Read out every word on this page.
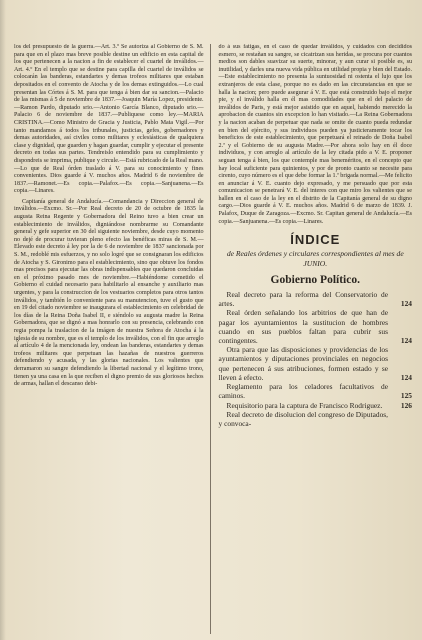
los del presupuesto de la guerra.—Art. 3.º Se autoriza al Gobierno de S. M. para que en el plazo mas breve posible destine un edificio en esta capital de los que pertenecen a la nacion a fin de establecer el cuartel de inválidos.—Art. 4.º En el templo que se destine para capilla del cuartel de inválidos se colocarán las banderas, estandartes y demas trofeos militares que estaban depositados en el convento de Atocha y de los demas extinguidos.—Lo cual presentan las Córtes á S. M. para que tenga á bien dar su sancion.—Palacio de las mismas á 5 de noviembre de 1837.—Joaquin María Lopez, presidente.—Ramon Pardo, diputado srio.—Antonio García Blanco, diputado srio.—Palacio 6 de noviembre de 1837.—Publiquese como ley.—MARIA CRISTINA.—Como Ministro de Gracia y Justicia, Pablo Mata Vigil.—Por tanto mandamos á todos los tribunales, justicias, gefes, gobernadores y demas autoridades, así civiles como militares y eclesiásticas de qualquiera clase y dignidad, que guarden y hagan guardar, cumplir y ejecutar el presente decreto en todas sus partes. Tendreislo entendido para su cumplimiento y dispondreis se imprima, publique y circule.—Está rubricado de la Real mano.—Lo que de Real órden traslado á V. para su conocimiento y fines convenientes. Dios guarde á V. muchos años. Madrid 6 de noviembre de 1837.—Ramonet.—Es copia.—Palafox.—Es copia.—Sanjuanena.—Es copia.—Linares.

Capitanía general de Andalucía.—Comandancia y Direccion general de inválidos.—Excmo. Sr.—Por Real decreto de 20 de octubre de 1835 la augusta Reina Regente y Gobernadora del Reino tuvo a bien crear un establecimiento de inválidos, digniándose nombrarme su Comandante general y gefe superior en 30 del siguiente noviembre, desde cuyo momento no dejé de procurar tuvieran pleno efecto las benéficas miras de S. M.—Elevado este decreto á ley por la de 6 de noviembre de 1837 sancionada por S. M., redoblé mis esfuerzos, y no solo logré que se consignaran los edificios de Atocha y S. Gironimo para el establecimiento, sino que obtuve los fondos mas precisos para ejecutar las obras indispensables que quedaron concluidas en el próximo pasado mes de noviembre.—Habiéndome cometido el Gobierno el cuidad necesario para habilitarlo al ensanche y auxiliario mas urgentes, y para la construccion de los vestuarios completos para otros tantos inválidos, y también lo conveniente para su manutencion, tuve el gusto que en 19 del citado noviembre se inaugurara el establecimiento en celebridad de los días de la Reina Doña Isabel II, e siéndolo su augusta madre la Reina Gobernadora, que se dignó a mas honrarlo con su presencia, celebrando con regia pompa la traslacion de la imágen de nuestra Señora de Atocha á la iglesia de su nombre, que es el templo de los inválidos, con el fin que arreglo al artículo 4 de la mencionada ley, ondean las banderas, estandartes y demas trofeos militares que perpetuan las hazañas de nuestros guerreros defendiendo y acusada, y las glorias nacionales. Los valientes que derramaron su sangre defendiendo la libertad nacional y el legítimo trono, tienen ya una casa en la que reciben el digno premio de sus gloriosos hechos de armas, hallan el descanso debi-

do á sus fatigas, en el caso de quedar inválidos, y cuidados con decididos esmero, se restañan su sangre, se cicatrizan sus heridas, se procura por cuantos medios son dables suavizar su suerte, minorar, y aun curar si posible es, su inutilidad, y darles una nueva vida pública en utilidad propia y bien del Estado.—Este establecimiento no presenta la suntuosidad ni ostenta el lujo que los extranjeros de esta clase, porque no es dado en las circunstancias en que se halla la nacion; pero puede asegurar á V. E. que está construido bajo el mejor pie, y el inválido halla en él mas comodidades que en el del palacio de inválidos de Paris, y está mejor asistido que en aquel, habiendo merecido la aprobacion de cuantos sin excepcion lo han visitado.—La Reina Gobernadora y la nacion acaban de perpetuar que nada se omite de cuanto pueda redundar en bien del ejército, y sus individuos pueden ya justicieramente tocar los beneficios de este establecimiento, que perpetuará el reinado de Doña Isabel 2.ª y el Gobierno de su augusta Madre.—Por ahora solo hay en él doce individuos, y con arreglo al artículo de la ley citada pido a V. E. proponer seguan tenga á bien, los que contemple mas beneméritos, en el concepto que hay local suficiente para quinientos, y por de pronto cuanto se necesite para cirento, cuyo número es el que debe formar la 1.ª brigada normal.—Me felicito en anunciar á V. E. cuanto dejo expresado, y me persuado que por esta comunicacion se penetrará V. E. del interes con que miro los valientes que se hallen en el caso de la ley en el distrito de la Capitanía general de su digno cargo.—Dios guarde á V. E. muchos años. Madrid 6 de marzo de 1839. J. Palafox, Duque de Zaragoza.—Excmo. Sr. Capitan general de Andalucía.—Es copia.—Sanjuanena.—Es copia.—Linares.

ÍNDICE
de Reales órdenes y circulares correspondientes al mes de JUNIO.
Gobierno Político.
Real decreto para la reforma del Conservatorio de artes.	124
Real órden señalando los arbitrios de que han de pagar los ayuntamientos la sustitucion de hombres cuando en sus pueblos faltan para cubrir sus contingentes.	124
Otra para que las disposiciones y providencias de los ayuntamientos y diputaciones provinciales en negocios que pertenecen á sus atribuciones, formen estado y se lleven á efecto.	124
Reglamento para los celadores facultativos de caminos.	125
Requisitorio para la captura de Francisco Rodriguez.	126
Real decreto de disolucion del congreso de Diputados, y convoca-
